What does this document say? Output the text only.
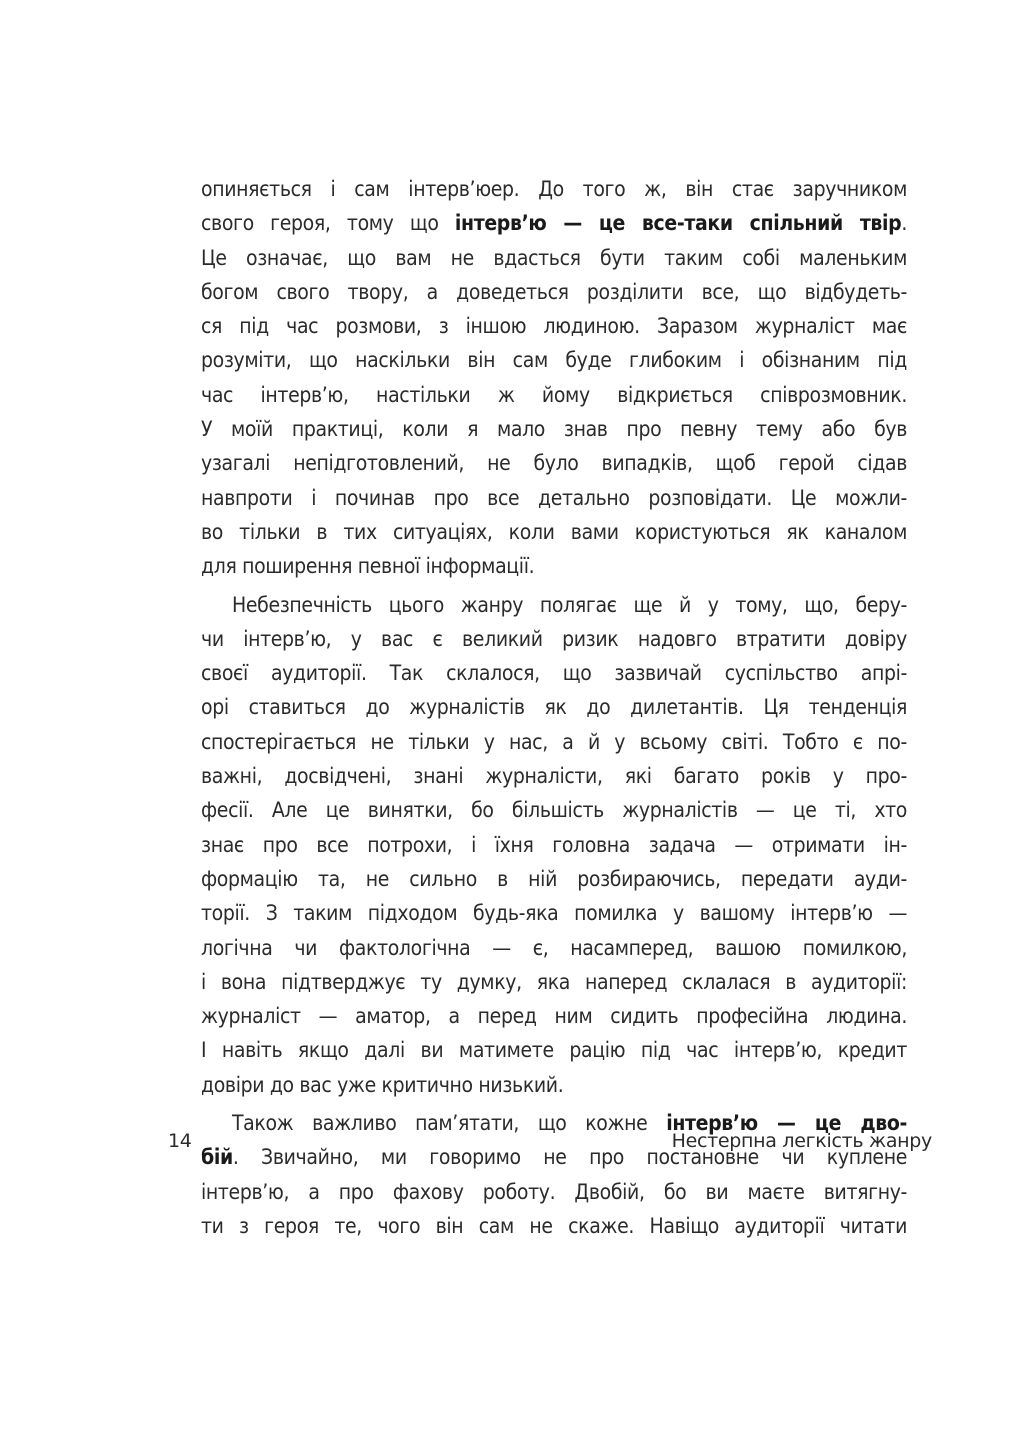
опиняється і сам інтерв’юер. До того ж, він стає заручником
свого героя, тому що інтерв’ю — це все-таки спільний твір.
Це означає, що вам не вдасться бути таким собі маленьким
богом свого твору, а доведеться розділити все, що відбудеть-
ся під час розмови, з іншою людиною. Заразом журналіст має
розуміти, що наскільки він сам буде глибоким і обізнаним під
час інтерв’ю, настільки ж йому відкриється співрозмовник.
У моїй практиці, коли я мало знав про певну тему або був
узагалі непідготовлений, не було випадків, щоб герой сідав
навпроти і починав про все детально розповідати. Це можли-
во тільки в тих ситуаціях, коли вами користуються як каналом
для поширення певної інформації.
Небезпечність цього жанру полягає ще й у тому, що, беру-
чи інтерв’ю, у вас є великий ризик надовго втратити довіру
своєї аудиторії. Так склалося, що зазвичай суспільство апрі-
орі ставиться до журналістів як до дилетантів. Ця тенденція
спостерігається не тільки у нас, а й у всьому світі. Тобто є по-
важні, досвідчені, знані журналісти, які багато років у про-
фесії. Але це винятки, бо більшість журналістів — це ті, хто
знає про все потрохи, і їхня головна задача — отримати ін-
формацію та, не сильно в ній розбираючись, передати ауди-
торії. З таким підходом будь-яка помилка у вашому інтерв’ю —
логічна чи фактологічна — є, насамперед, вашою помилкою,
і вона підтверджує ту думку, яка наперед склалася в аудиторії:
журналіст — аматор, а перед ним сидить професійна людина.
І навіть якщо далі ви матимете рацію під час інтерв’ю, кредит
довіри до вас уже критично низький.
Також важливо пам’ятати, що кожне інтерв’ю — це дво-
бій. Звичайно, ми говоримо не про постановне чи куплене
інтерв’ю, а про фахову роботу. Двобій, бо ви маєте витягну-
ти з героя те, чого він сам не скаже. Навіщо аудиторії читати
14	Нестерпна легкість жанру
